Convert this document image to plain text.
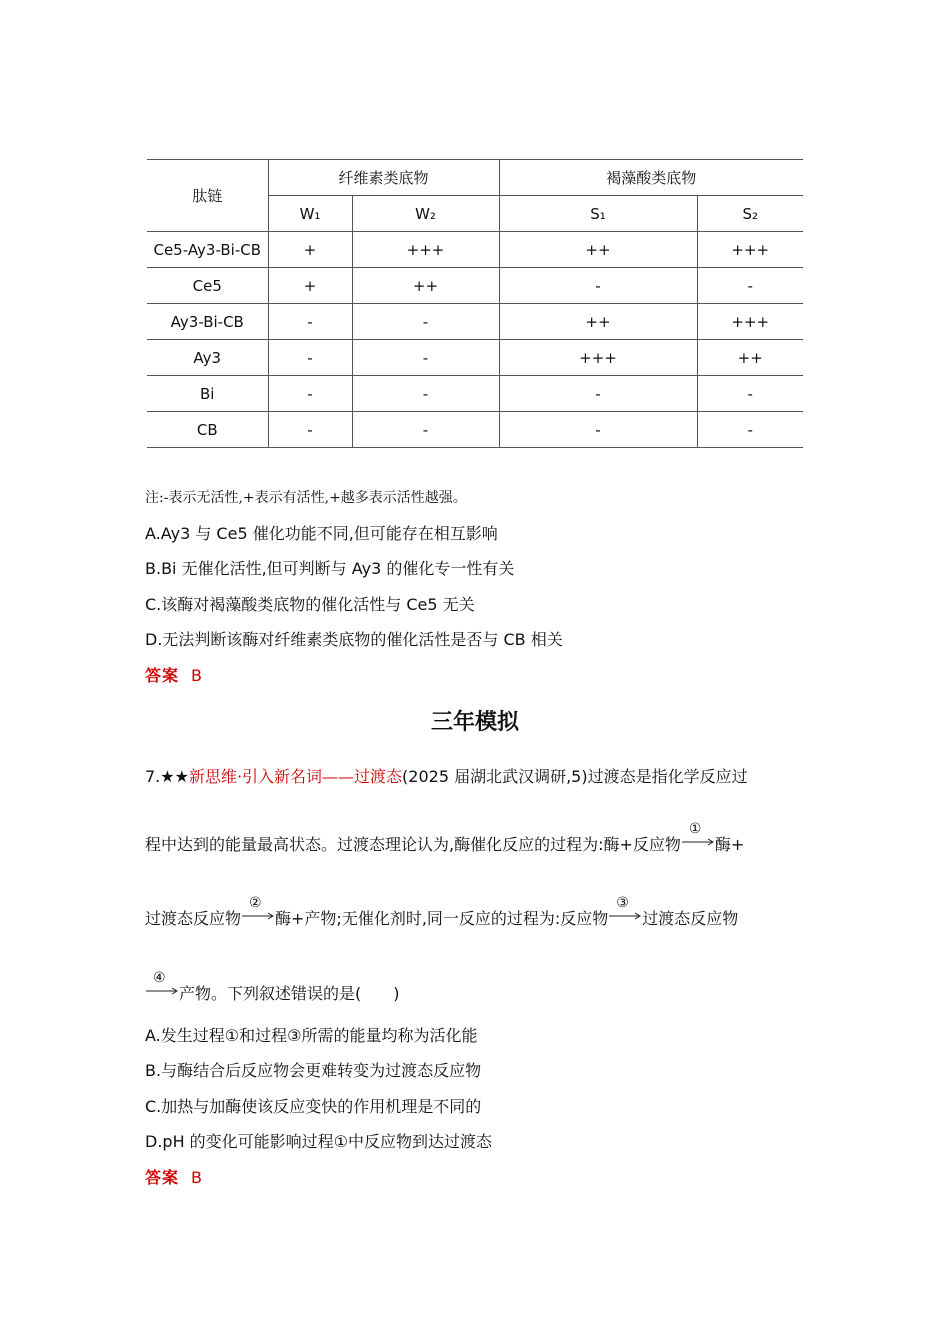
肽链	纤维素类底物		褐藻酸类底物	
	W₁	W₂	S₁	S₂
Ce5-Ay3-Bi-CB	+	+++	++	+++
Ce5	+	++	-	-
Ay3-Bi-CB	-	-	++	+++
Ay3	-	-	+++	++
Bi	-	-	-	-
CB	-	-	-	-
注:-表示无活性,+表示有活性,+越多表示活性越强。
A.Ay3 与 Ce5 催化功能不同,但可能存在相互影响
B.Bi 无催化活性,但可判断与 Ay3 的催化专一性有关
C.该酶对褐藻酸类底物的催化活性与 Ce5 无关
D.无法判断该酶对纤维素类底物的催化活性是否与 CB 相关
答案 B
三年模拟
7.★★新思维·引入新名词——过渡态(2025 届湖北武汉调研,5)过渡态是指化学反应过
程中达到的能量最高状态。过渡态理论认为,酶催化反应的过程为:酶+反应物
①
酶+
过渡态反应物
②
酶+产物;无催化剂时,同一反应的过程为:反应物
③
过渡态反应物
④
产物。下列叙述错误的是(　　)
A.发生过程①和过程③所需的能量均称为活化能
B.与酶结合后反应物会更难转变为过渡态反应物
C.加热与加酶使该反应变快的作用机理是不同的
D.pH 的变化可能影响过程①中反应物到达过渡态
答案 B
